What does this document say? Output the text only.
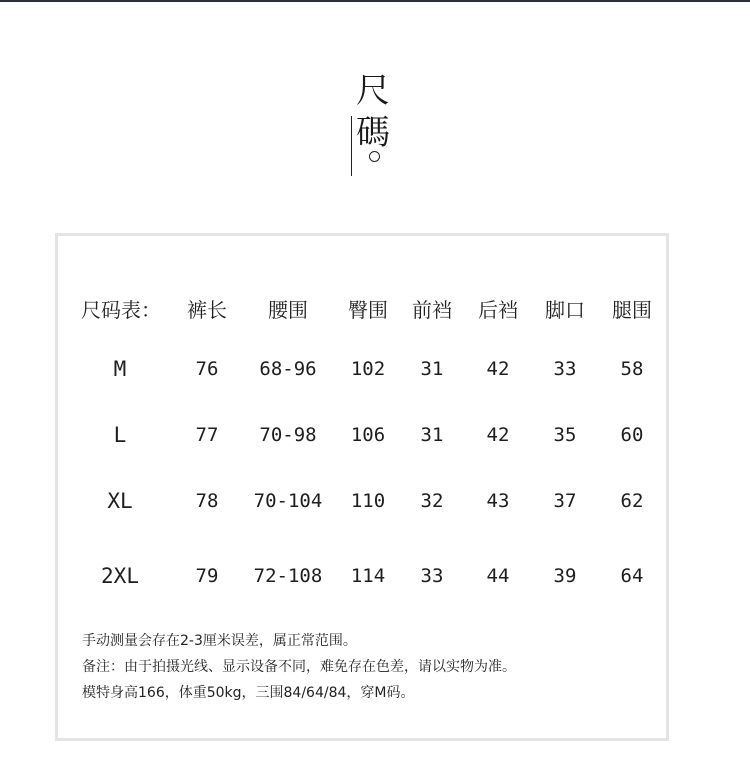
尺
碼
尺码表： 裤长 腰围 臀围 前裆 后裆 脚口 腿围
M	76 68-96 102 31 42 33 58
L	77 70-98 106 31 42 35 60
XL	78 70-104 110 32 43 37 62
2XL	79 72-108 114 33 44 39 64
手动测量会存在2-3厘米误差，属正常范围。
备注：由于拍摄光线、显示设备不同，难免存在色差，请以实物为准。
模特身高166，体重50kg，三围84/64/84，穿M码。
